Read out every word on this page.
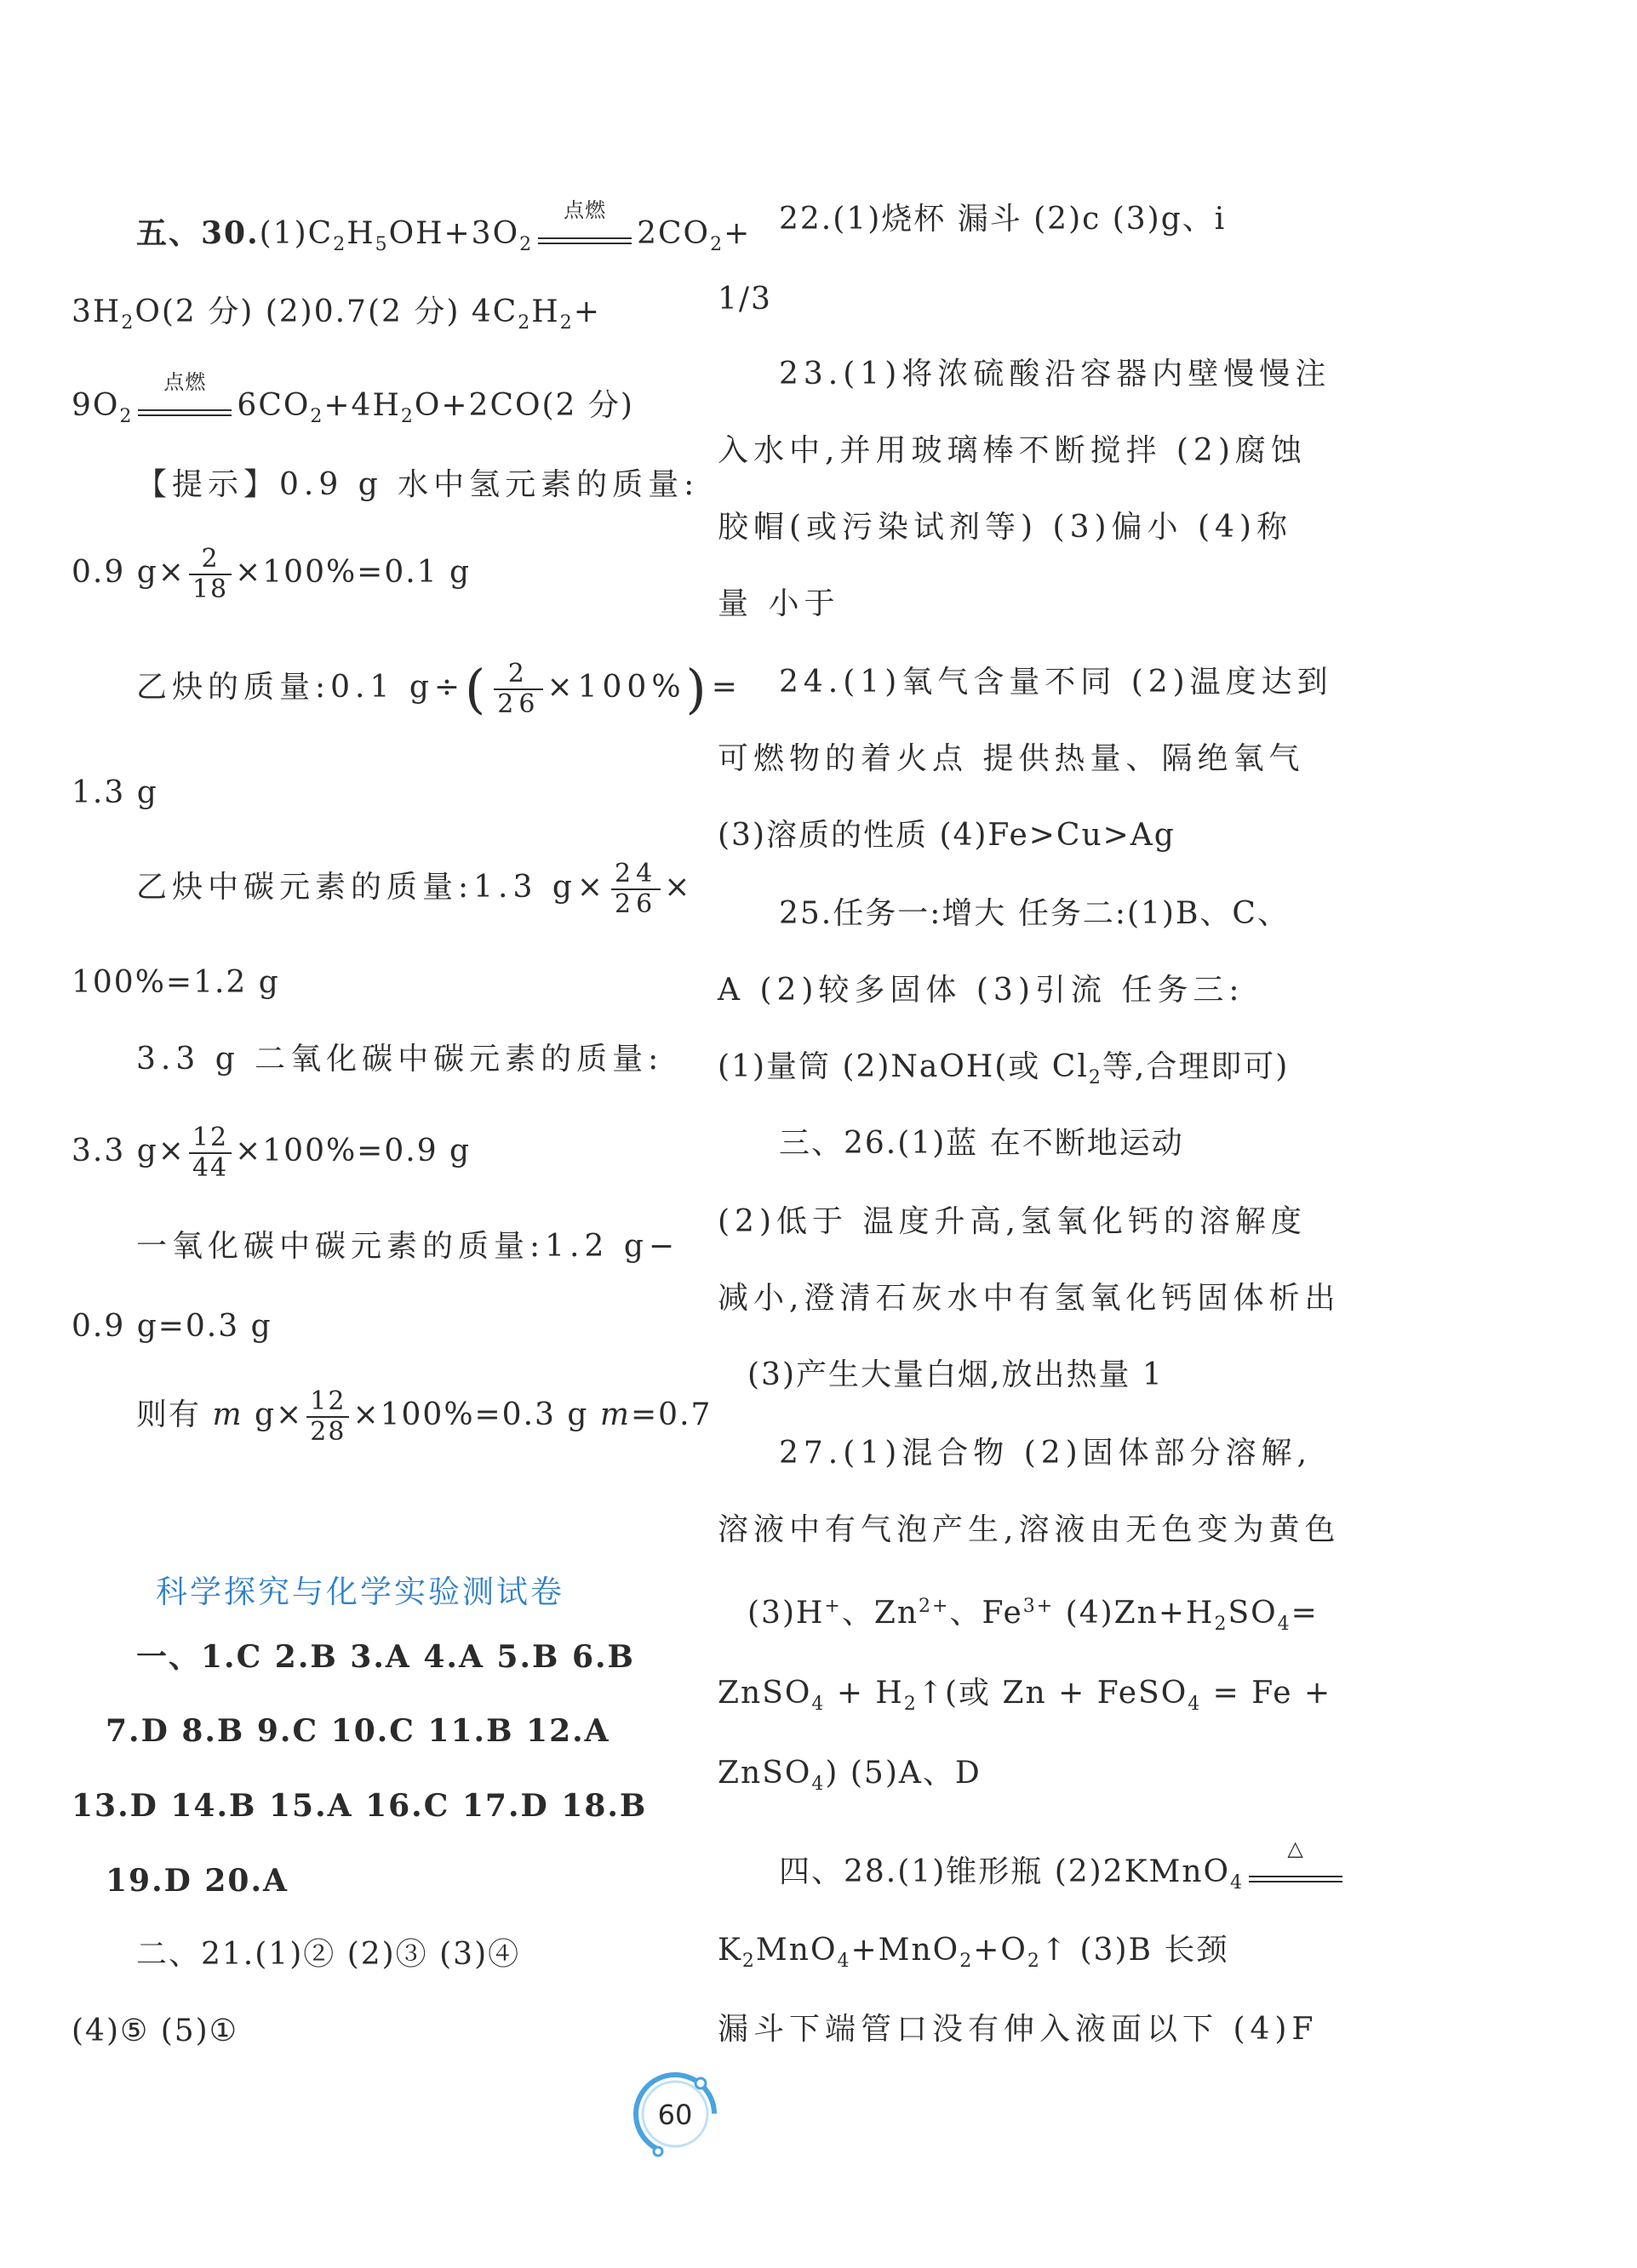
五、$30.(1)C_2H_5OH+3O_2$
点燃
$2CO_2+$
$3H_2O(2$ 分) (2)0.7(2 分) $4C_2H_2+$
$9O_2$
点燃
$6CO_2+4H_2O+2CO(2$ 分)
【提示】0.9 g 水中氢元素的质量:
0.9 $g\times \frac{2}{18} \times 100\%=0.1$ g
乙炔的质量:0.1 $g\div( \frac{2}{26} \times 100\%)=$
1.3 g
乙炔中碳元素的质量:1.3 $g\times \frac{24}{26}$ ×
100%=1.2 g
3.3 g 二氧化碳中碳元素的质量:
3.3 $g\times \frac{12}{44} \times 100\%=0.9$ g
一氧化碳中碳元素的质量:1.2 g−
0.9 g=0.3 g
则有 m $g\times \frac{12}{28} \times 100\%=0.3$ g m=0.7
科学探究与化学实验测试卷
一、1.C 2.B 3.A 4.A 5.B 6.B
7.D 8.B 9.C 10.C 11.B 12.A
13.D 14.B 15.A 16.C 17.D 18.B
19.D 20.A
二、21.(1)② (2)③ (3)④
(4)⑤ (5)①
22.(1)烧杯 漏斗 (2)c (3)g、i
1/3
23.(1)将浓硫酸沿容器内壁慢慢注
入水中,并用玻璃棒不断搅拌 (2)腐蚀
胶帽(或污染试剂等) (3)偏小 (4)称
量 小于
24.(1)氧气含量不同 (2)温度达到
可燃物的着火点 提供热量、隔绝氧气
(3)溶质的性质 (4)Fe>Cu>Ag
25.任务一:增大 任务二:(1)B、C、
A (2)较多固体 (3)引流 任务三:
(1)量筒 (2)NaOH(或 $Cl_2$等,合理即可)
三、26.(1)蓝 在不断地运动
(2)低于 温度升高,氢氧化钙的溶解度
减小,澄清石灰水中有氢氧化钙固体析出
(3)产生大量白烟,放出热量 1
27.(1)混合物 (2)固体部分溶解,
溶液中有气泡产生,溶液由无色变为黄色
(3)H+、$Zn^{2+}$、$Fe^{3+}$ $(4)Zn+H_2SO_4=$
ZnSO$_4$ + $H_2↑$(或 Zn + FeSO$_4$ = Fe +
ZnSO$_4$) (5)A、D
四、28.(1)锥形瓶 (2)2KMnO$_4$
△
$K_2MnO_4+MnO_2+O_2↑$ (3)B 长颈
漏斗下端管口没有伸入液面以下 (4)F
60
